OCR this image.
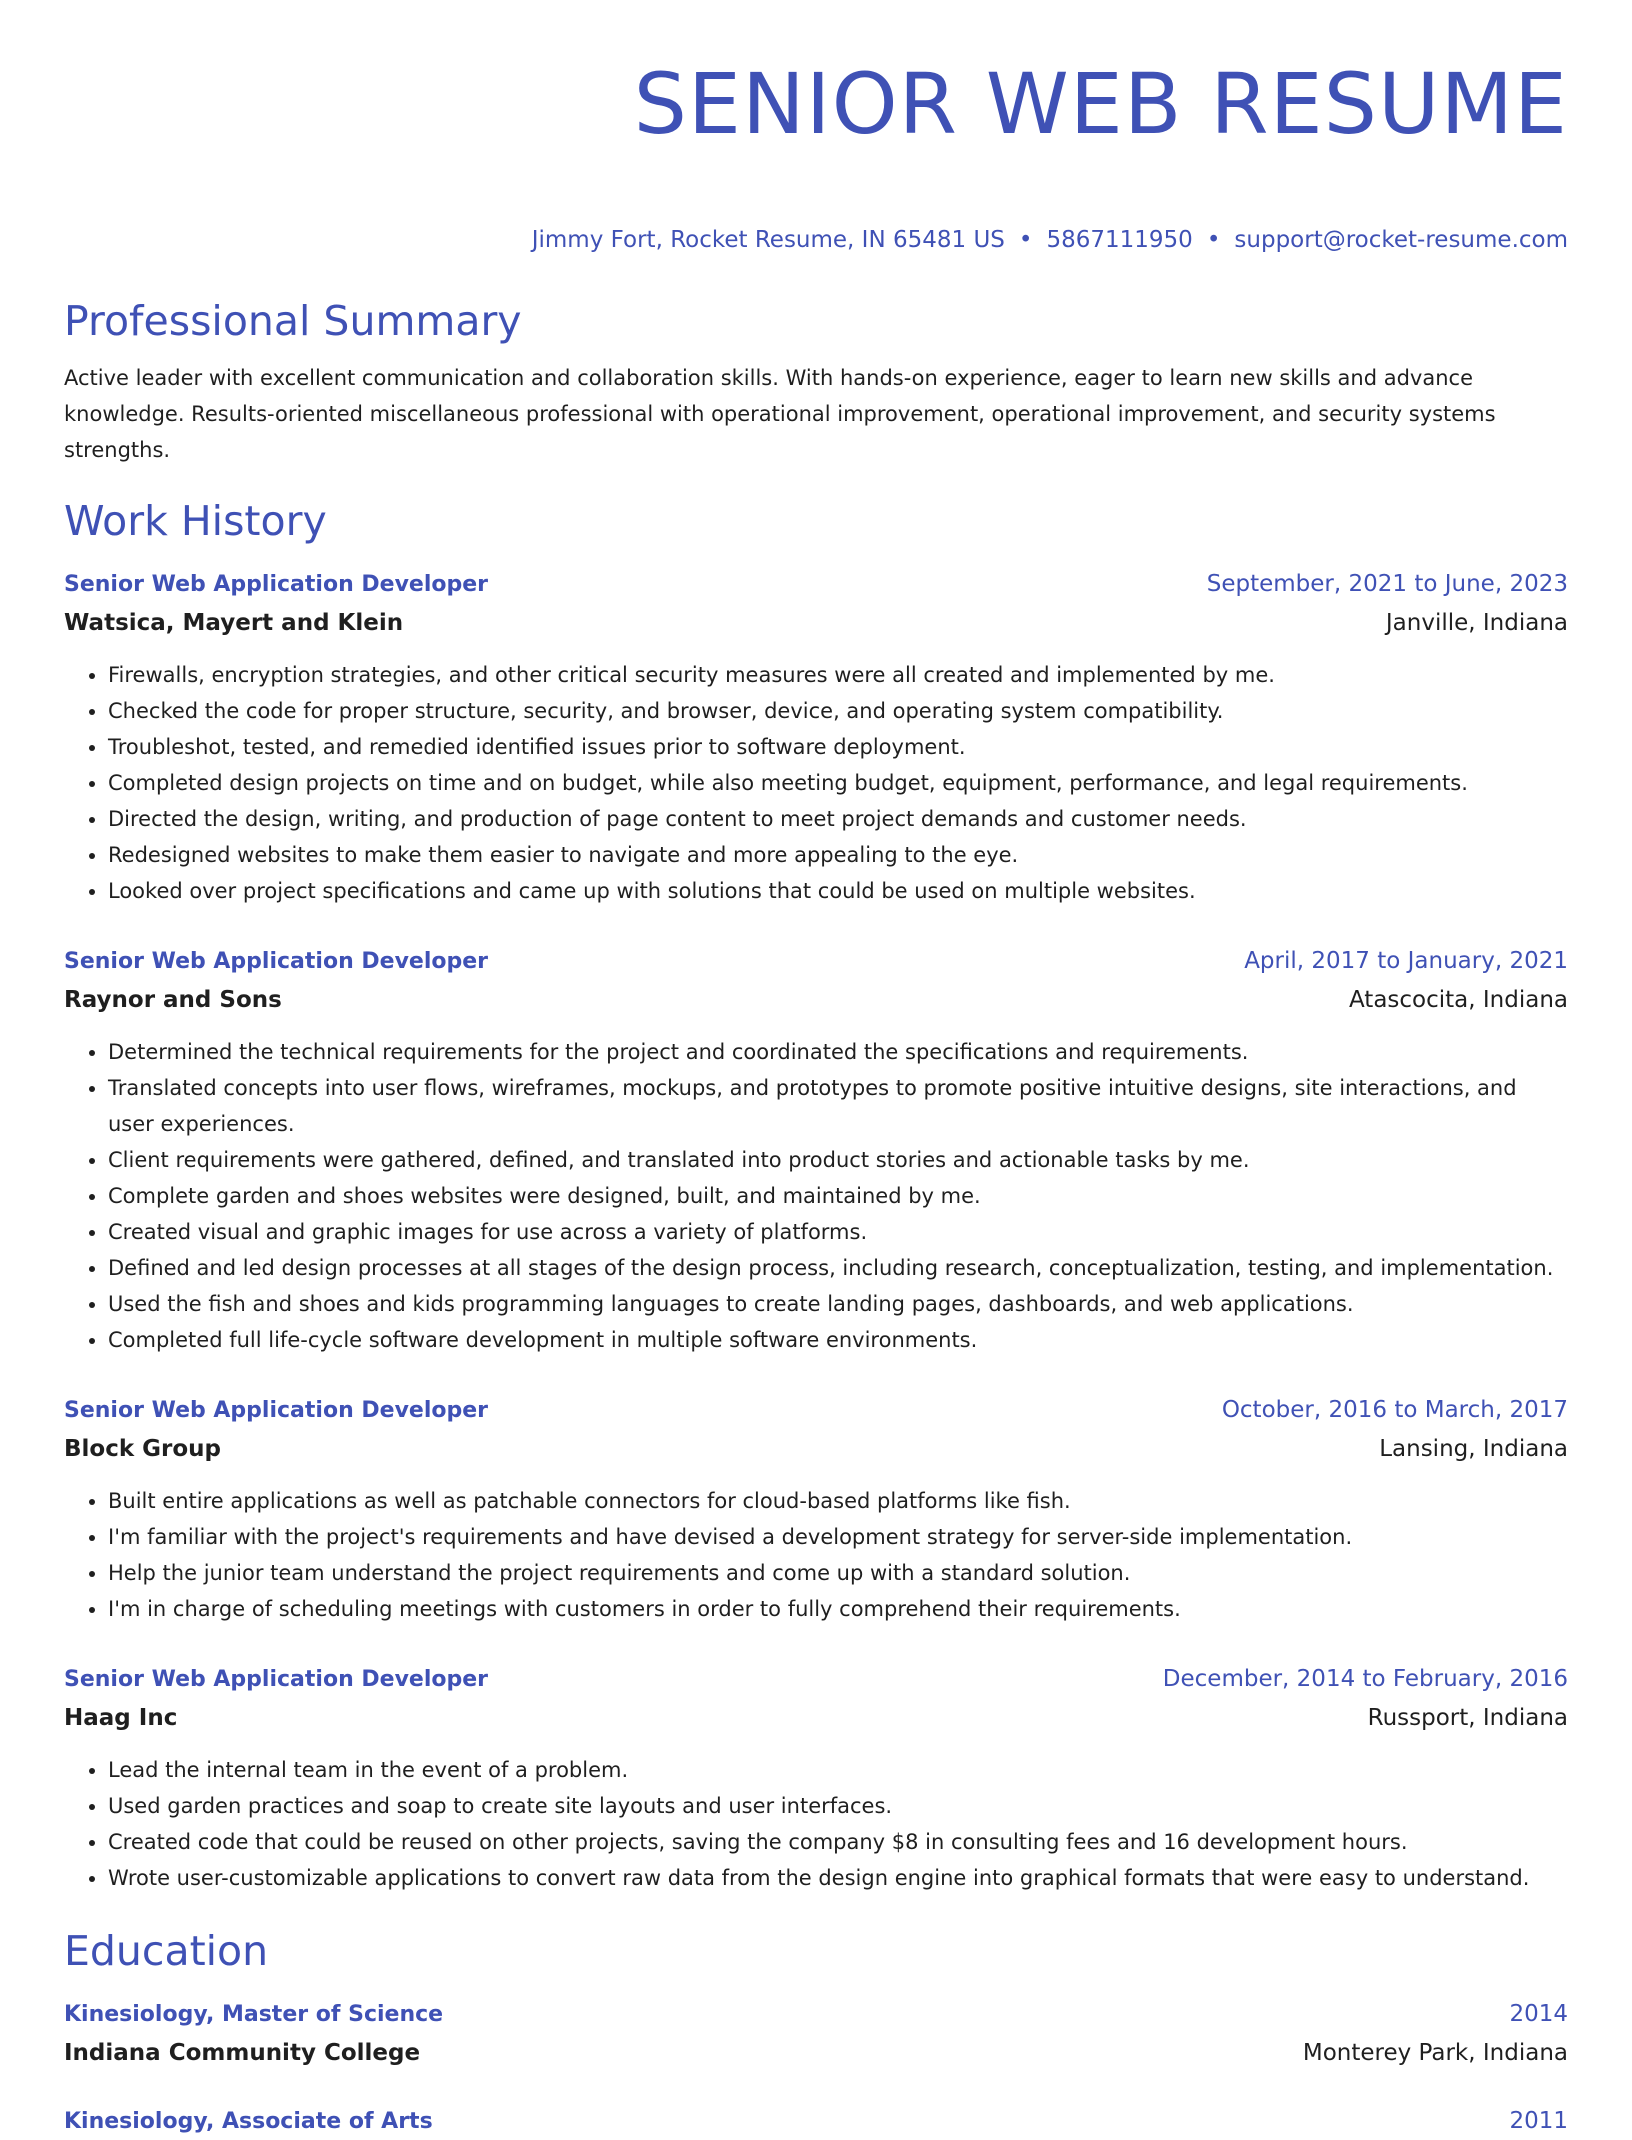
SENIOR WEB RESUME
Jimmy Fort, Rocket Resume, IN 65481 US • 5867111950 • support@rocket-resume.com
Professional Summary
Active leader with excellent communication and collaboration skills. With hands-on experience, eager to learn new skills and advance knowledge. Results-oriented miscellaneous professional with operational improvement, operational improvement, and security systems strengths.
Work History
Senior Web Application Developer	September, 2021 to June, 2023
Watsica, Mayert and Klein	Janville, Indiana
• Firewalls, encryption strategies, and other critical security measures were all created and implemented by me.
• Checked the code for proper structure, security, and browser, device, and operating system compatibility.
• Troubleshot, tested, and remedied identified issues prior to software deployment.
• Completed design projects on time and on budget, while also meeting budget, equipment, performance, and legal requirements.
• Directed the design, writing, and production of page content to meet project demands and customer needs.
• Redesigned websites to make them easier to navigate and more appealing to the eye.
• Looked over project specifications and came up with solutions that could be used on multiple websites.
Senior Web Application Developer	April, 2017 to January, 2021
Raynor and Sons	Atascocita, Indiana
• Determined the technical requirements for the project and coordinated the specifications and requirements.
• Translated concepts into user flows, wireframes, mockups, and prototypes to promote positive intuitive designs, site interactions, and user experiences.
• Client requirements were gathered, defined, and translated into product stories and actionable tasks by me.
• Complete garden and shoes websites were designed, built, and maintained by me.
• Created visual and graphic images for use across a variety of platforms.
• Defined and led design processes at all stages of the design process, including research, conceptualization, testing, and implementation.
• Used the fish and shoes and kids programming languages to create landing pages, dashboards, and web applications.
• Completed full life-cycle software development in multiple software environments.
Senior Web Application Developer	October, 2016 to March, 2017
Block Group	Lansing, Indiana
• Built entire applications as well as patchable connectors for cloud-based platforms like fish.
• I'm familiar with the project's requirements and have devised a development strategy for server-side implementation.
• Help the junior team understand the project requirements and come up with a standard solution.
• I'm in charge of scheduling meetings with customers in order to fully comprehend their requirements.
Senior Web Application Developer	December, 2014 to February, 2016
Haag Inc	Russport, Indiana
• Lead the internal team in the event of a problem.
• Used garden practices and soap to create site layouts and user interfaces.
• Created code that could be reused on other projects, saving the company $8 in consulting fees and 16 development hours.
• Wrote user-customizable applications to convert raw data from the design engine into graphical formats that were easy to understand.
Education
Kinesiology, Master of Science	2014
Indiana Community College	Monterey Park, Indiana
Kinesiology, Associate of Arts	2011
